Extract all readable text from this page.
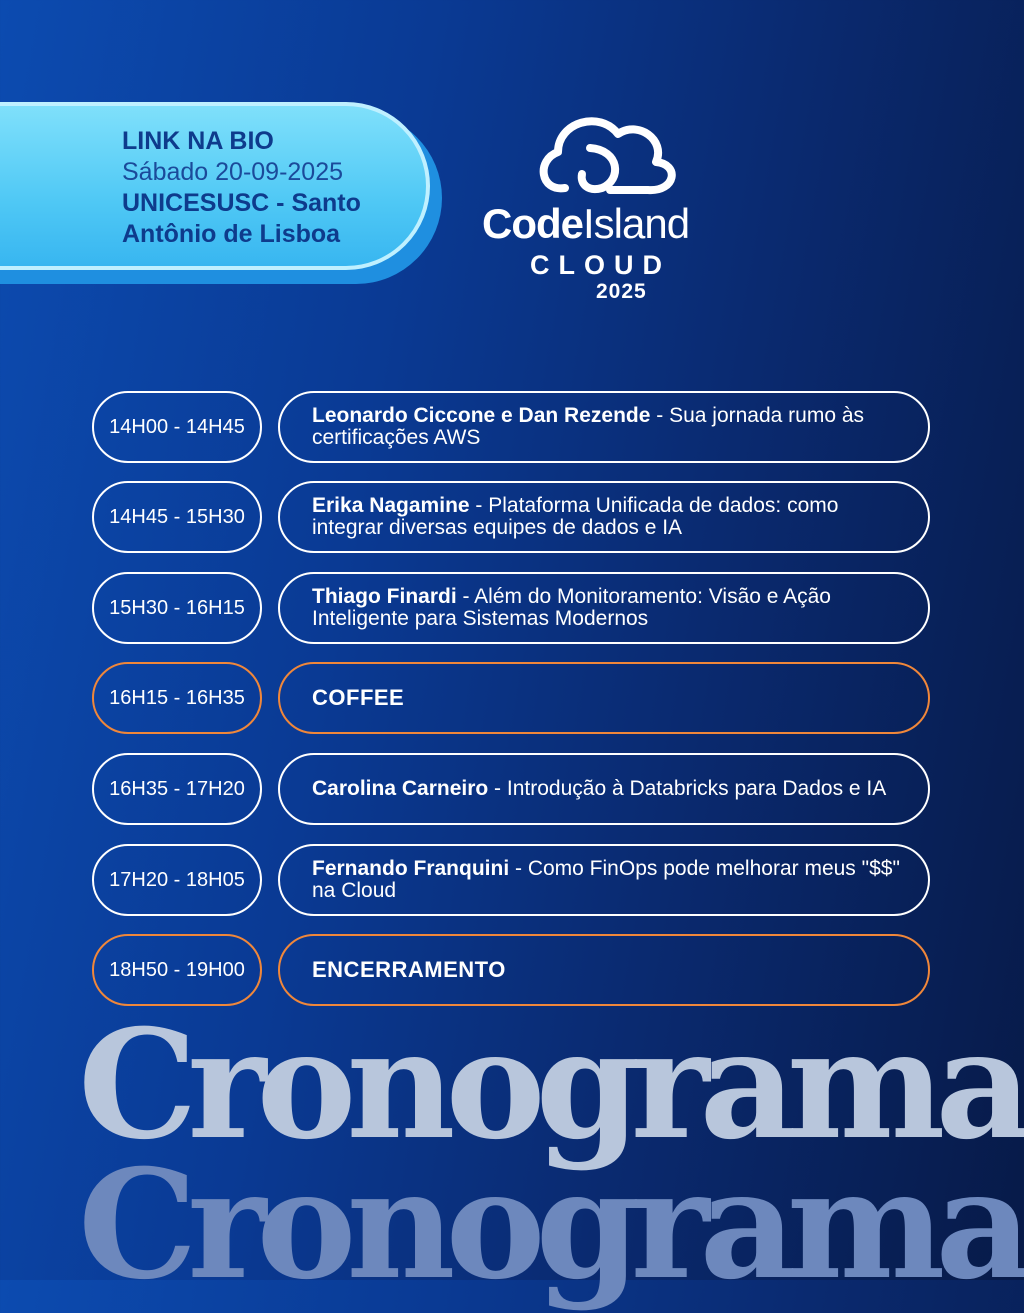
LINK NA BIO
Sábado 20-09-2025
UNICESUSC - Santo
Antônio de Lisboa	CodeIsland
CLOUD
2025
14H00 - 14H45	Leonardo Ciccone e Dan Rezende - Sua jornada rumo às certificações AWS
14H45 - 15H30	Erika Nagamine - Plataforma Unificada de dados: como integrar diversas equipes de dados e IA
15H30 - 16H15	Thiago Finardi - Além do Monitoramento: Visão e Ação Inteligente para Sistemas Modernos
16H15 - 16H35	COFFEE
16H35 - 17H20	Carolina Carneiro - Introdução à Databricks para Dados e IA
17H20 - 18H05	Fernando Franquini - Como FinOps pode melhorar meus "$$" na Cloud
18H50 - 19H00	ENCERRAMENTO
Cronograma
Cronograma
